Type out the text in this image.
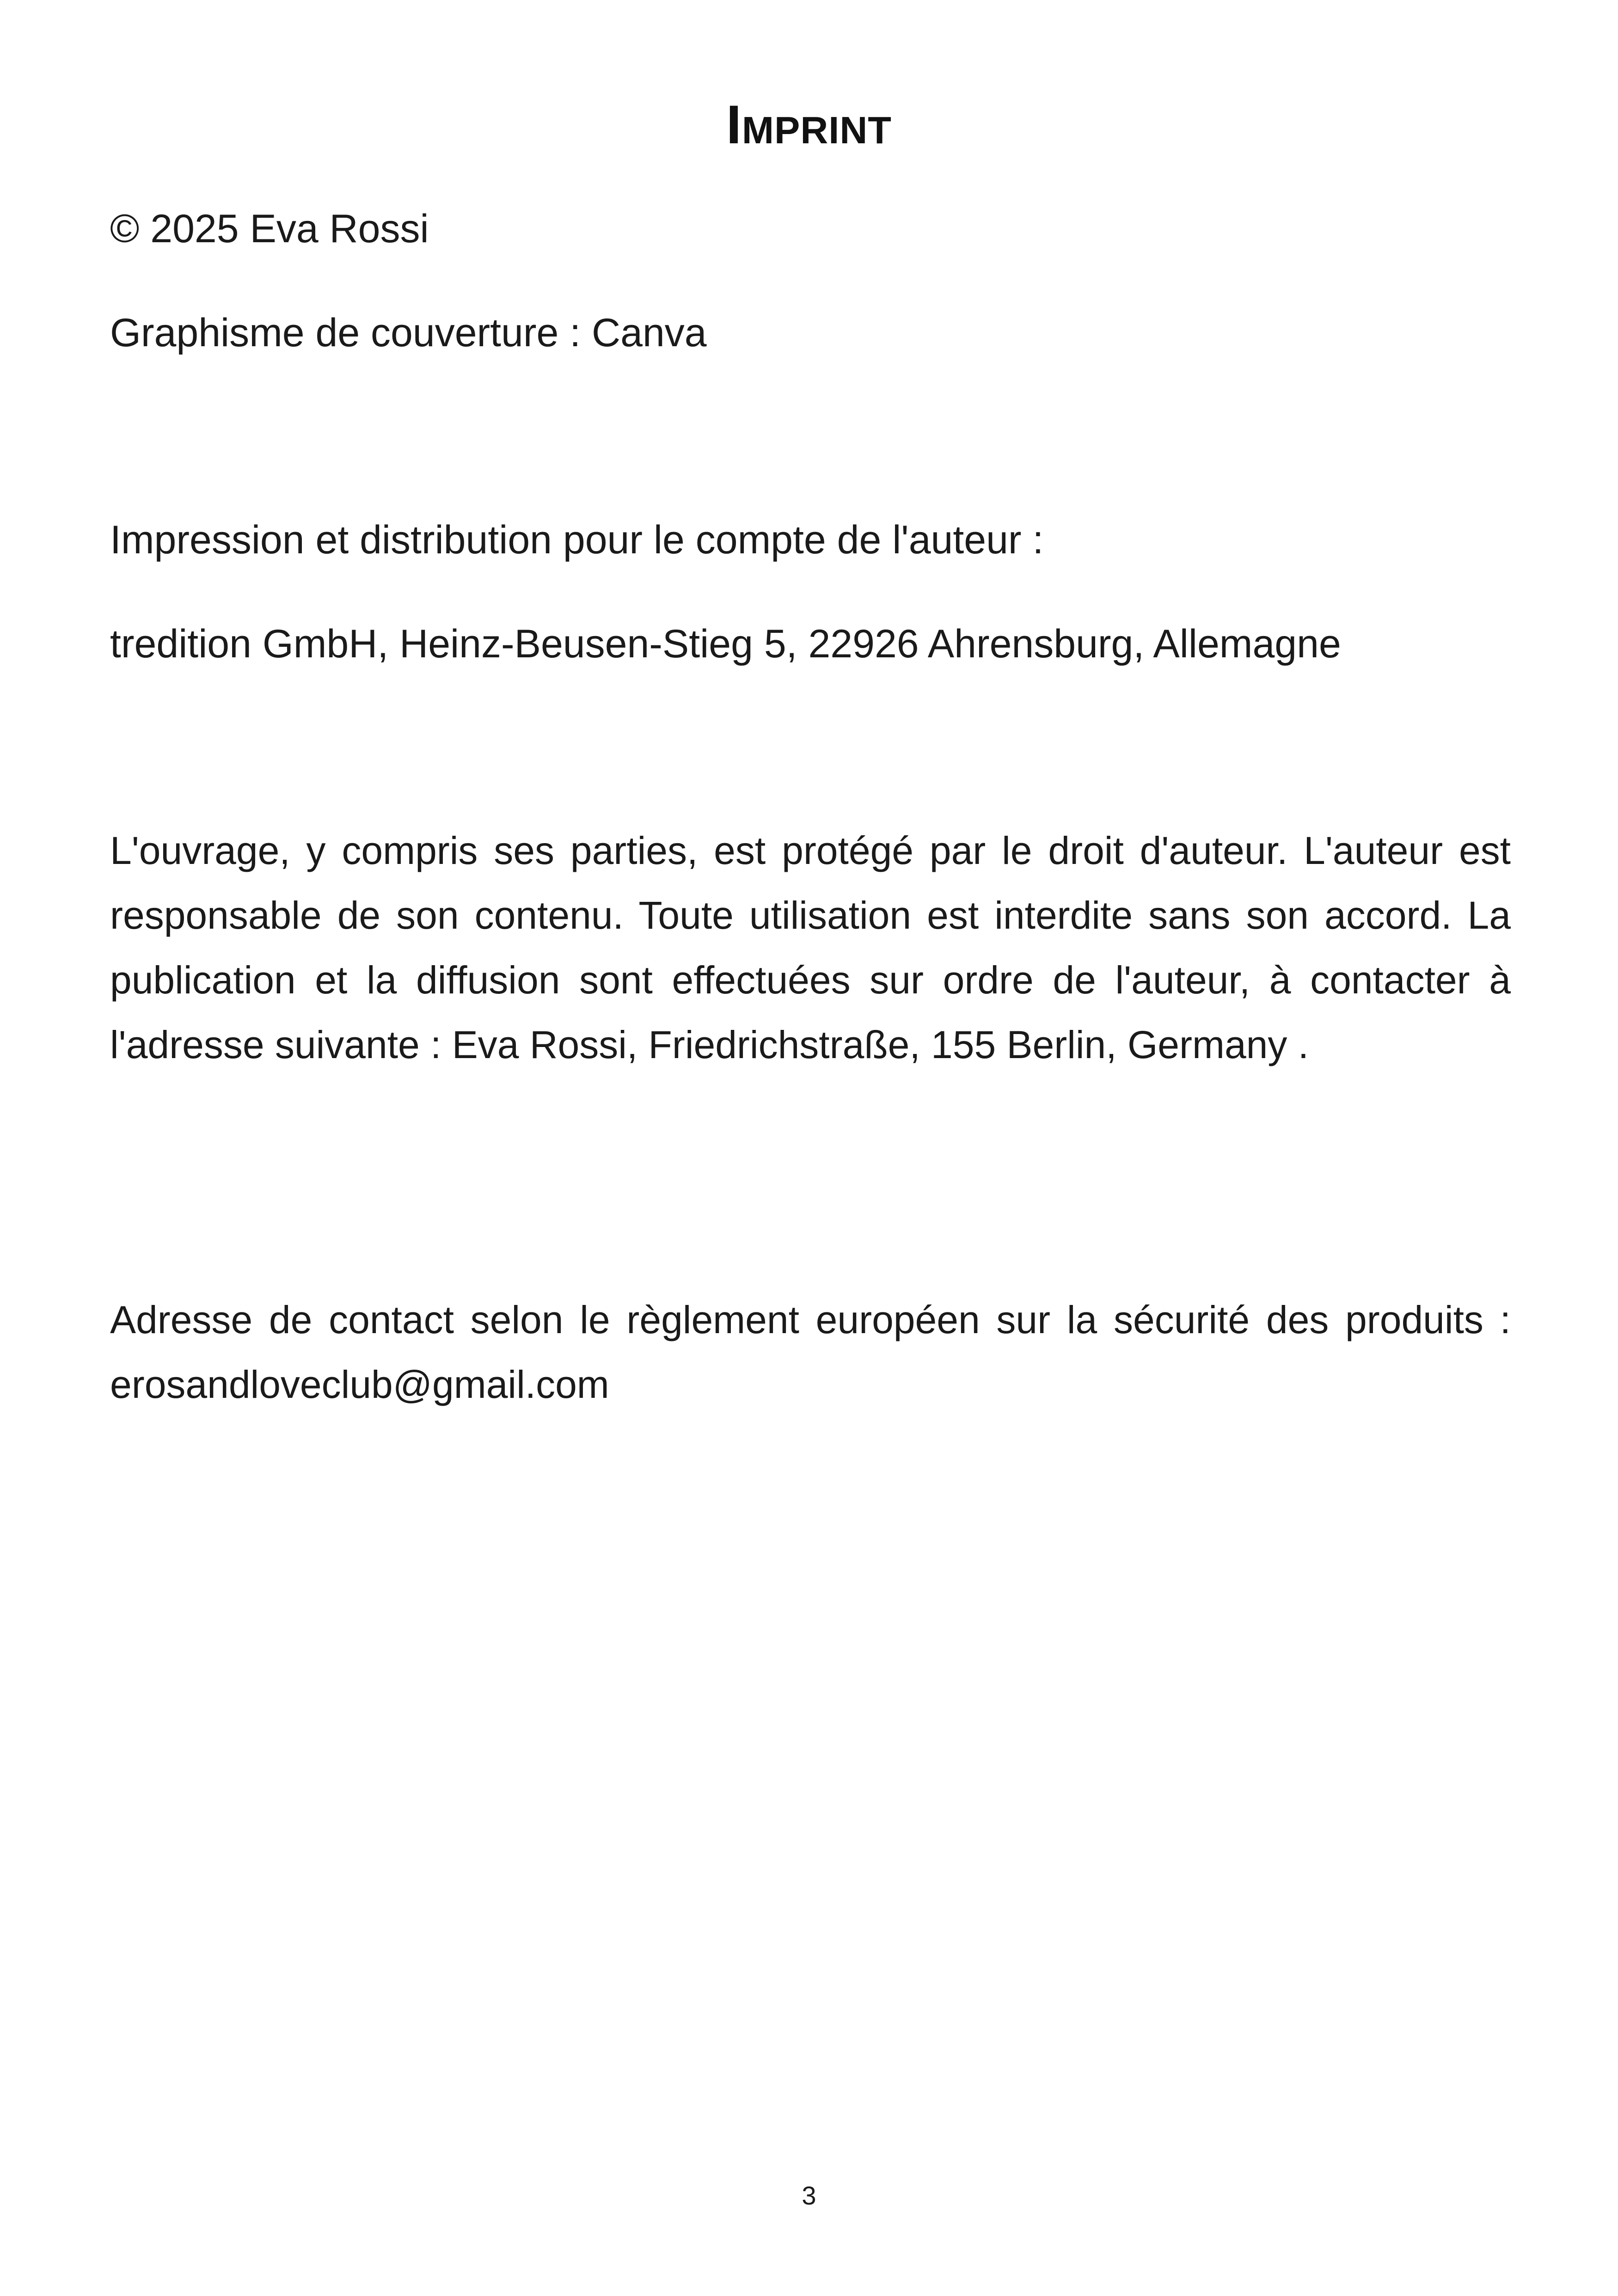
Imprint

© 2025 Eva Rossi

Graphisme de couverture : Canva

Impression et distribution pour le compte de l'auteur :

tredition GmbH, Heinz-Beusen-Stieg 5, 22926 Ahrensburg, Allemagne

L'ouvrage, y compris ses parties, est protégé par le droit d'auteur. L'auteur est responsable de son contenu. Toute utilisation est interdite sans son accord. La publication et la diffusion sont effectuées sur ordre de l'auteur, à contacter à l'adresse suivante : Eva Rossi, Friedrichstraße, 155 Berlin, Germany .

Adresse de contact selon le règlement européen sur la sécurité des produits : erosandloveclub@gmail.com

3
